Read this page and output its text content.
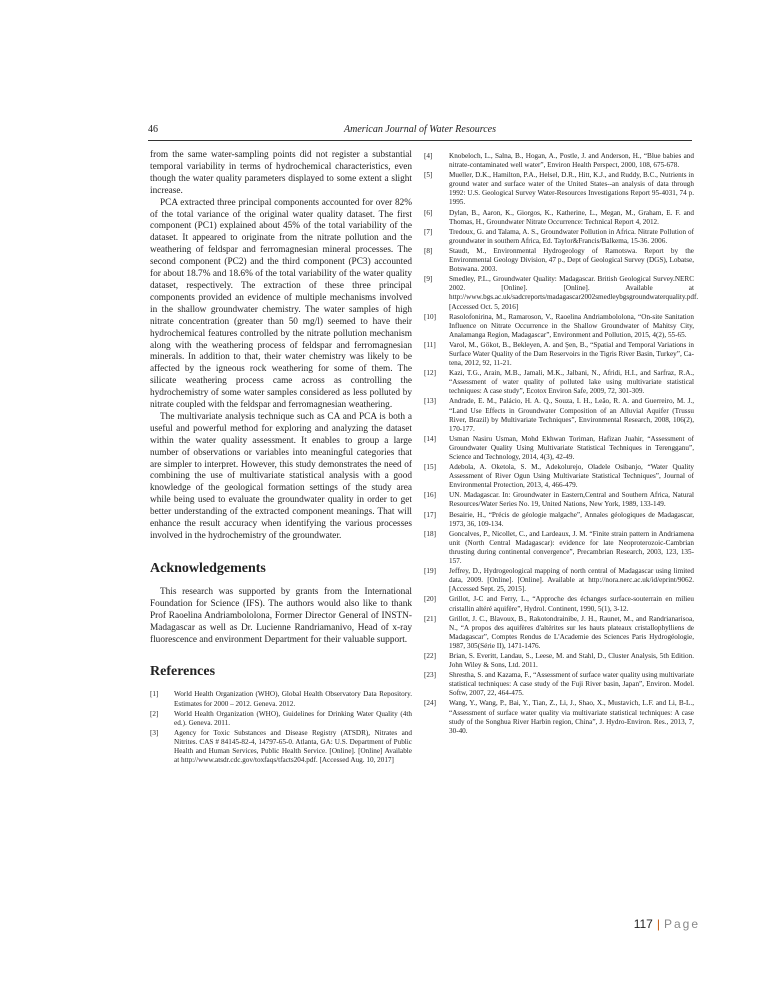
46	American Journal of Water Resources

from the same water-sampling points did not register a substantial temporal variability in terms of hydrochemical characteristics, even though the water quality parameters displayed to some extent a slight increase.

PCA extracted three principal components accounted for over 82% of the total variance of the original water quality dataset. The first component (PC1) explained about 45% of the total variability of the dataset. It appeared to originate from the nitrate pollution and the weathering of feldspar and ferromagnesian mineral processes. The second component (PC2) and the third component (PC3) accounted for about 18.7% and 18.6% of the total variability of the water quality dataset, respectively. The extraction of these three principal components provided an evidence of multiple mechanisms involved in the shallow groundwater chemistry. The water samples of high nitrate concentration (greater than 50 mg/l) seemed to have their hydrochemical features controlled by the nitrate pollution mechanism along with the weathering process of feldspar and ferromagnesian minerals. In addition to that, their water chemistry was likely to be affected by the igneous rock weathering for some of them. The silicate weathering process came across as controlling the hydrochemistry of some water samples considered as less polluted by nitrate coupled with the feldspar and ferromagnesian weathering.

The multivariate analysis technique such as CA and PCA is both a useful and powerful method for exploring and analyzing the dataset within the water quality assessment. It enables to group a large number of observations or variables into meaningful categories that are simpler to interpret. However, this study demonstrates the need of combining the use of multivariate statistical analysis with a good knowledge of the geological formation settings of the study area while being used to evaluate the groundwater quality in order to get better understanding of the extracted component meanings. That will enhance the result accuracy when identifying the various processes involved in the hydrochemistry of the groundwater.

Acknowledgements

This research was supported by grants from the International Foundation for Science (IFS). The authors would also like to thank Prof Raoelina Andriambololona, Former Director General of INSTN-Madagascar as well as Dr. Lucienne Randriamanivo, Head of x-ray fluorescence and environment Department for their valuable support.

References
[1] World Health Organization (WHO), Global Health Observatory Data Repository. Estimates for 2000 – 2012. Geneva. 2012.
[2] World Health Organization (WHO), Guidelines for Drinking Water Quality (4th ed.). Geneva. 2011.
[3] Agency for Toxic Substances and Disease Registry (ATSDR), Nitrates and Nitrites. CAS # 84145-82-4, 14797-65-0. Atlanta, GA: U.S. Department of Public Health and Human Services, Public Health Service. [Online]. [Online] Available at http://www.atsdr.cdc.gov/toxfaqs/tfacts204.pdf. [Accessed Aug. 10, 2017]
[4] Knobeloch, L., Salna, B., Hogan, A., Postle, J. and Anderson, H., “Blue babies and nitrate-contaminated well water”, Environ Health Perspect, 2000, 108, 675-678.
[5] Mueller, D.K., Hamilton, P.A., Helsel, D.R., Hitt, K.J., and Ruddy, B.C., Nutrients in ground water and surface water of the United States--an analysis of data through 1992: U.S. Geological Survey Water-Resources Investigations Report 95-4031, 74 p. 1995.
[6] Dylan, B., Aaron, K., Giorgos, K., Katherine, L., Megan, M., Graham, E. F. and Thomas, H., Groundwater Nitrate Occurrence: Technical Report 4, 2012.
[7] Tredoux, G. and Talama, A. S., Groundwater Pollution in Africa. Nitrate Pollution of groundwater in southern Africa, Ed. Taylor&Francis/Balkema, 15-36. 2006.
[8] Staudt, M., Environmental Hydrogeology of Ramotswa. Report by the Environmental Geology Division, 47 p., Dept of Geological Survey (DGS), Lobatse, Botswana. 2003.
[9] Smedley, P.L., Groundwater Quality: Madagascar. British Geological Survey.NERC 2002. [Online]. [Online]. Available at http://www.bgs.ac.uk/sadcreports/madagascar2002smedleybgsgroundwaterquality.pdf. [Accessed Oct. 5, 2016]
[10] Rasolofonirina, M., Ramaroson, V., Raoelina Andriambololona, “On-site Sanitation Influence on Nitrate Occurrence in the Shallow Groundwater of Mahitsy City, Analamanga Region, Madagascar”, Environment and Pollution, 2015, 4(2), 55-65.
[11] Varol, M., Gökot, B., Bekleyen, A. and Şen, B., “Spatial and Temporal Variations in Surface Water Quality of the Dam Reservoirs in the Tigris River Basin, Turkey”, Ca- tena, 2012, 92, 11-21.
[12] Kazi, T.G., Arain, M.B., Jamali, M.K., Jalbani, N., Afridi, H.I., and Sarfraz, R.A., “Assessment of water quality of polluted lake using multivariate statistical techniques: A case study”, Ecotox Environ Safe, 2009, 72, 301-309.
[13] Andrade, E. M., Palácio, H. A. Q., Souza, I. H., Leão, R. A. and Guerreiro, M. J., “Land Use Effects in Groundwater Composition of an Alluvial Aquifer (Trussu River, Brazil) by Multivariate Techniques”, Environmental Research, 2008, 106(2), 170-177.
[14] Usman Nasiru Usman, Mohd Ekhwan Toriman, Hafizan Juahir, “Assessment of Groundwater Quality Using Multivariate Statistical Techniques in Terengganu”, Science and Technology, 2014, 4(3), 42-49.
[15] Adebola, A. Oketola, S. M., Adekolurejo, Oladele Osibanjo, “Water Quality Assessment of River Ogun Using Multivariate Statistical Techniques”, Journal of Environmental Protection, 2013, 4, 466-479.
[16] UN. Madagascar. In: Groundwater in Eastern,Central and Southern Africa, Natural Resources/Water Series No. 19, United Nations, New York, 1989, 133-149.
[17] Besairie, H., “Précis de géologie malgache”, Annales géologiques de Madagascar, 1973, 36, 109-134.
[18] Goncalves, P., Nicollet, C., and Lardeaux, J. M. “Finite strain pattern in Andriamena unit (North Central Madagascar): evidence for late Neoproterozoic-Cambrian thrusting during continental convergence”, Precambrian Research, 2003, 123, 135-157.
[19] Jeffrey, D., Hydrogeological mapping of north central of Madagascar using limited data, 2009. [Online]. [Online]. Available at http://nora.nerc.ac.uk/id/eprint/9062. [Accessed Sept. 25, 2015].
[20] Grillot, J-C and Ferry, L., “Approche des échanges surface-souterrain en milieu cristallin altéré aquifère”, Hydrol. Continent, 1990, 5(1), 3-12.
[21] Grillot, J. C., Blavoux, B., Rakotondrainibe, J. H., Raunet, M., and Randrianarisoa, N., “A propos des aquifères d'altérites sur les hauts plateaux cristallophylliens de Madagascar”, Comptes Rendus de L'Academie des Sciences Paris Hydrogéologie, 1987, 305(Série II), 1471-1476.
[22] Brian, S. Everitt, Landau, S., Leese, M. and Stahl, D., Cluster Analysis, 5th Edition. John Wiley & Sons, Ltd. 2011.
[23] Shrestha, S. and Kazama, F., “Assessment of surface water quality using multivariate statistical techniques: A case study of the Fuji River basin, Japan”, Environ. Model. Softw, 2007, 22, 464-475.
[24] Wang, Y., Wang, P., Bai, Y., Tian, Z., Li, J., Shao, X., Mustavich, L.F. and Li, B-L., “Assessment of surface water quality via multivariate statistical techniques: A case study of the Songhua River Harbin region, China”, J. Hydro-Environ. Res., 2013, 7, 30-40.
117 | Page
